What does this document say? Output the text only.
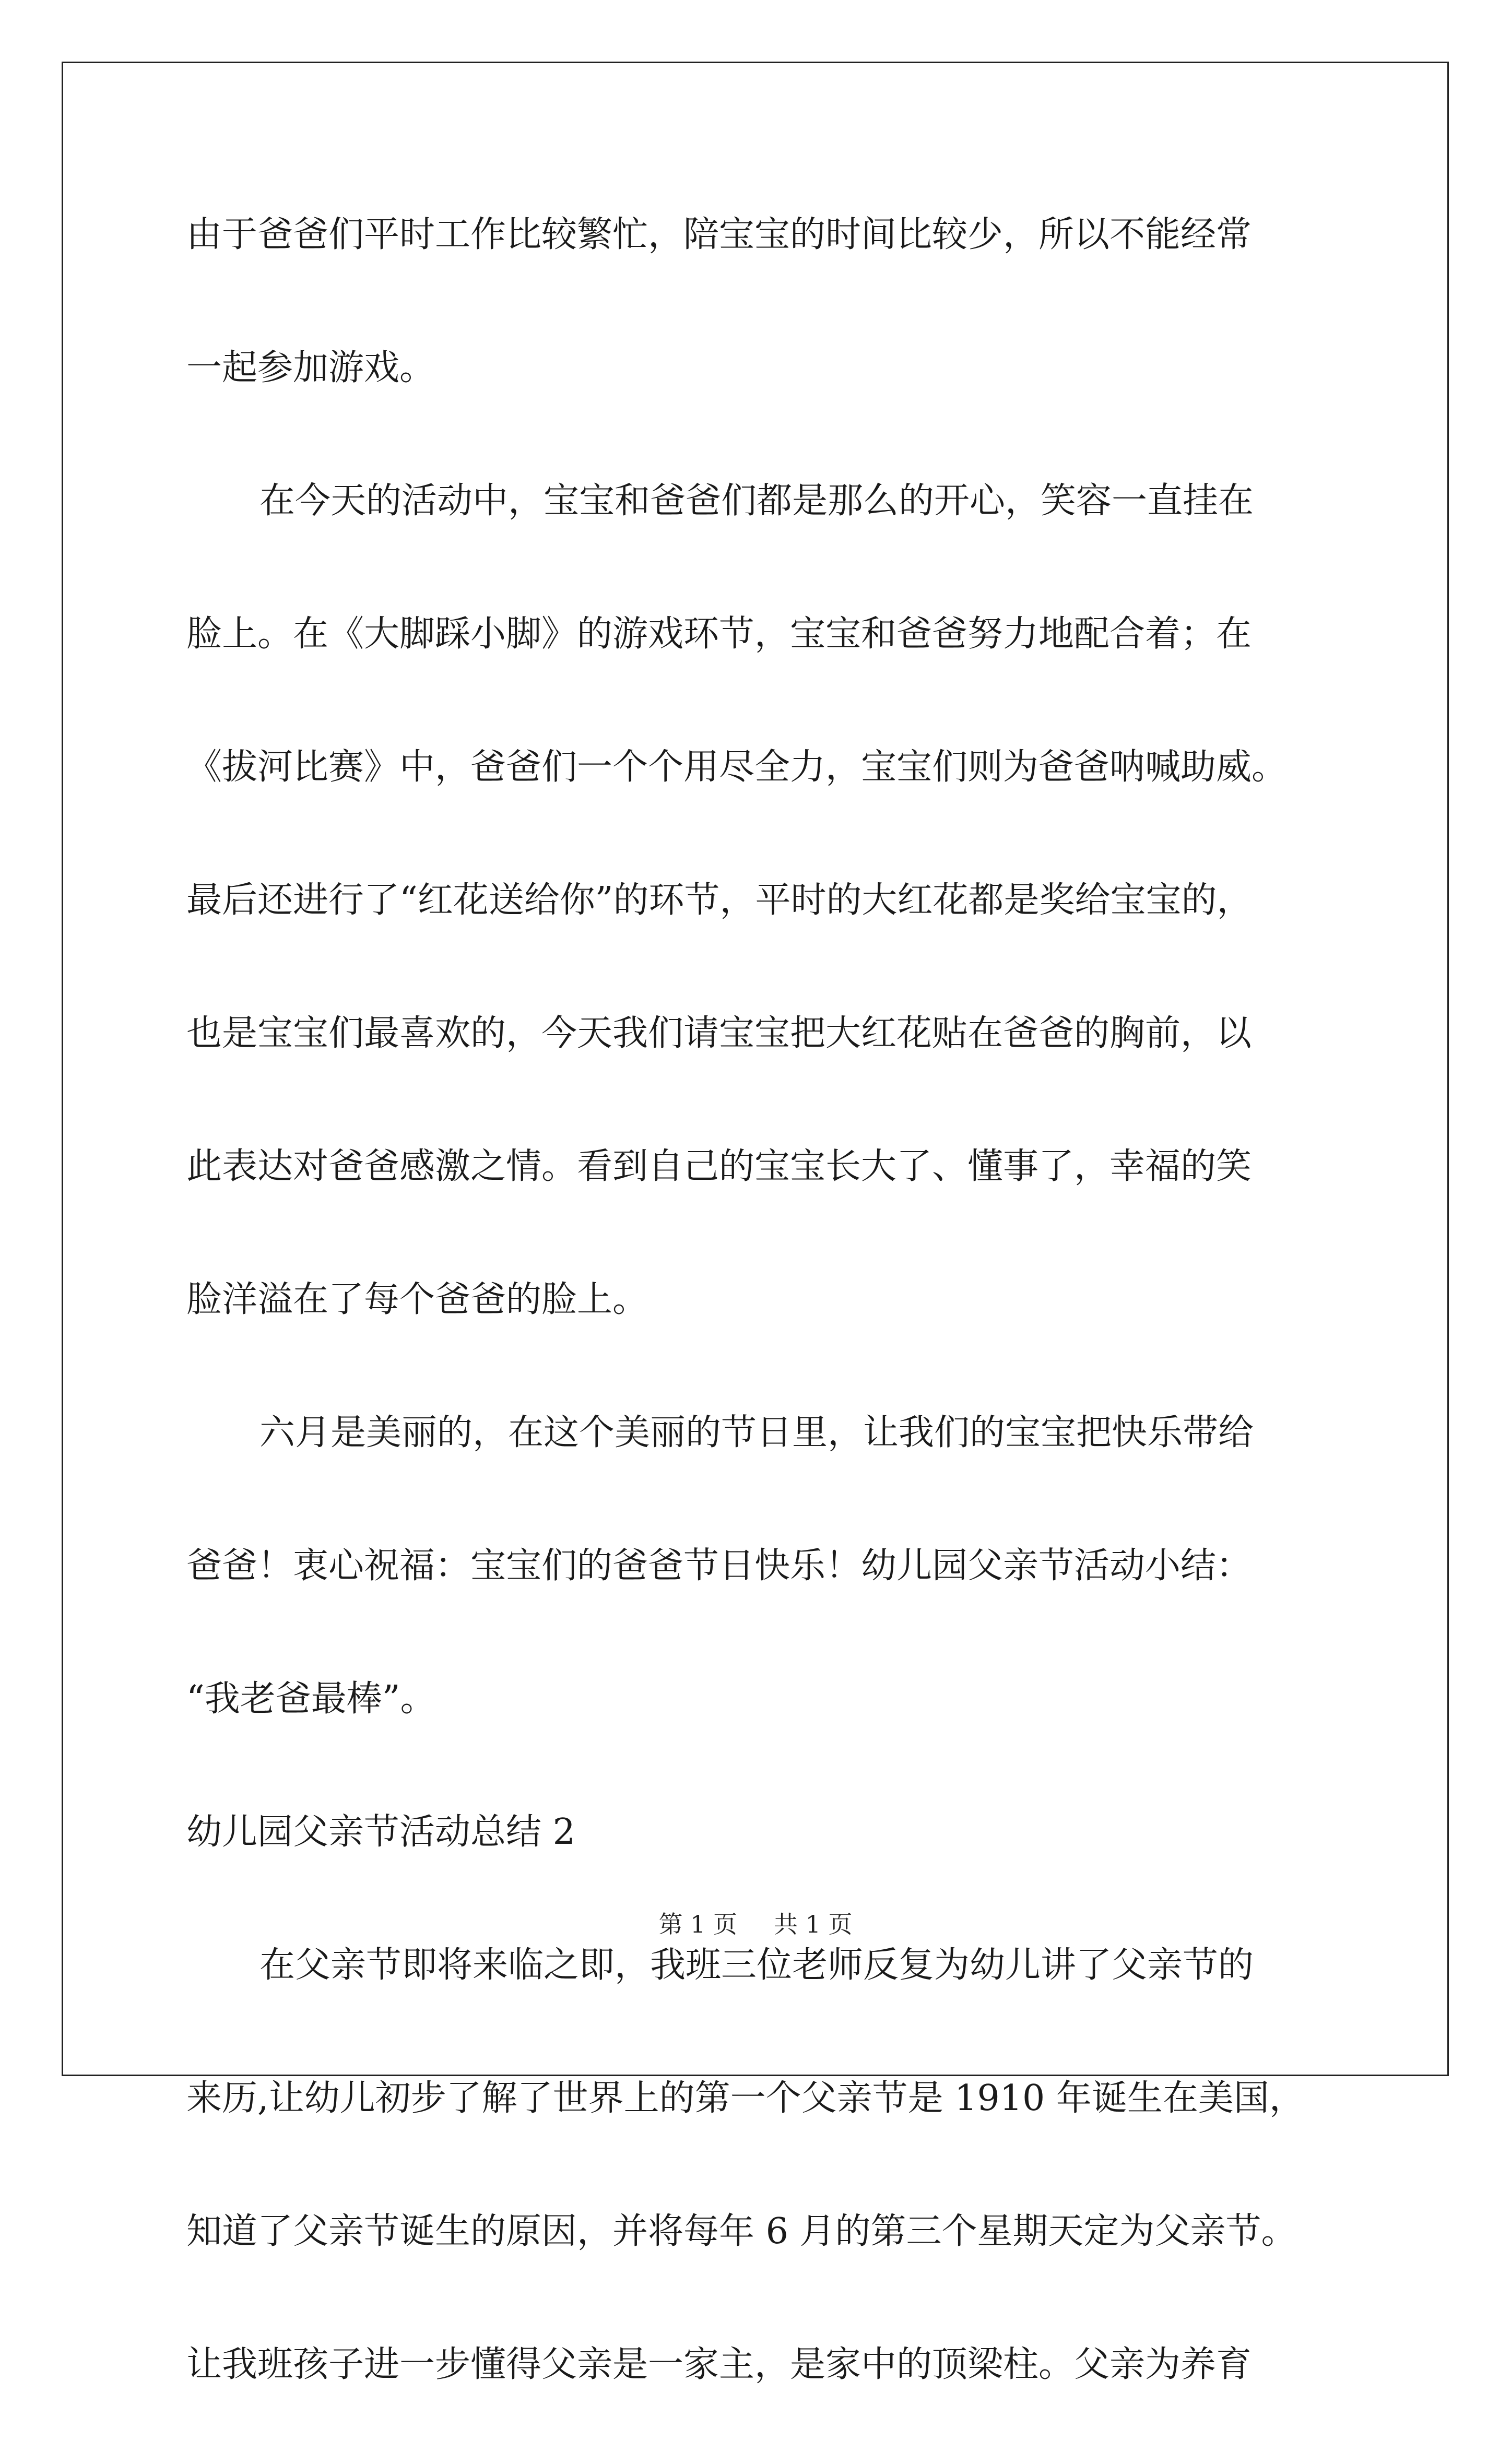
由于爸爸们平时工作比较繁忙，陪宝宝的时间比较少，所以不能经常
一起参加游戏。
在今天的活动中，宝宝和爸爸们都是那么的开心，笑容一直挂在
脸上。在《大脚踩小脚》的游戏环节，宝宝和爸爸努力地配合着；在
《拔河比赛》中，爸爸们一个个用尽全力，宝宝们则为爸爸呐喊助威。
最后还进行了“红花送给你”的环节，平时的大红花都是奖给宝宝的，
也是宝宝们最喜欢的，今天我们请宝宝把大红花贴在爸爸的胸前，以
此表达对爸爸感激之情。看到自己的宝宝长大了、懂事了，幸福的笑
脸洋溢在了每个爸爸的脸上。
六月是美丽的，在这个美丽的节日里，让我们的宝宝把快乐带给
爸爸！衷心祝福：宝宝们的爸爸节日快乐！幼儿园父亲节活动小结：
“我老爸最棒”。
幼儿园父亲节活动总结 2
在父亲节即将来临之即，我班三位老师反复为幼儿讲了父亲节的
来历,让幼儿初步了解了世界上的第一个父亲节是 1910 年诞生在美国，
知道了父亲节诞生的原因，并将每年 6 月的第三个星期天定为父亲节。
让我班孩子进一步懂得父亲是一家主，是家中的顶梁柱。父亲为养育
第 1 页 共 1 页
